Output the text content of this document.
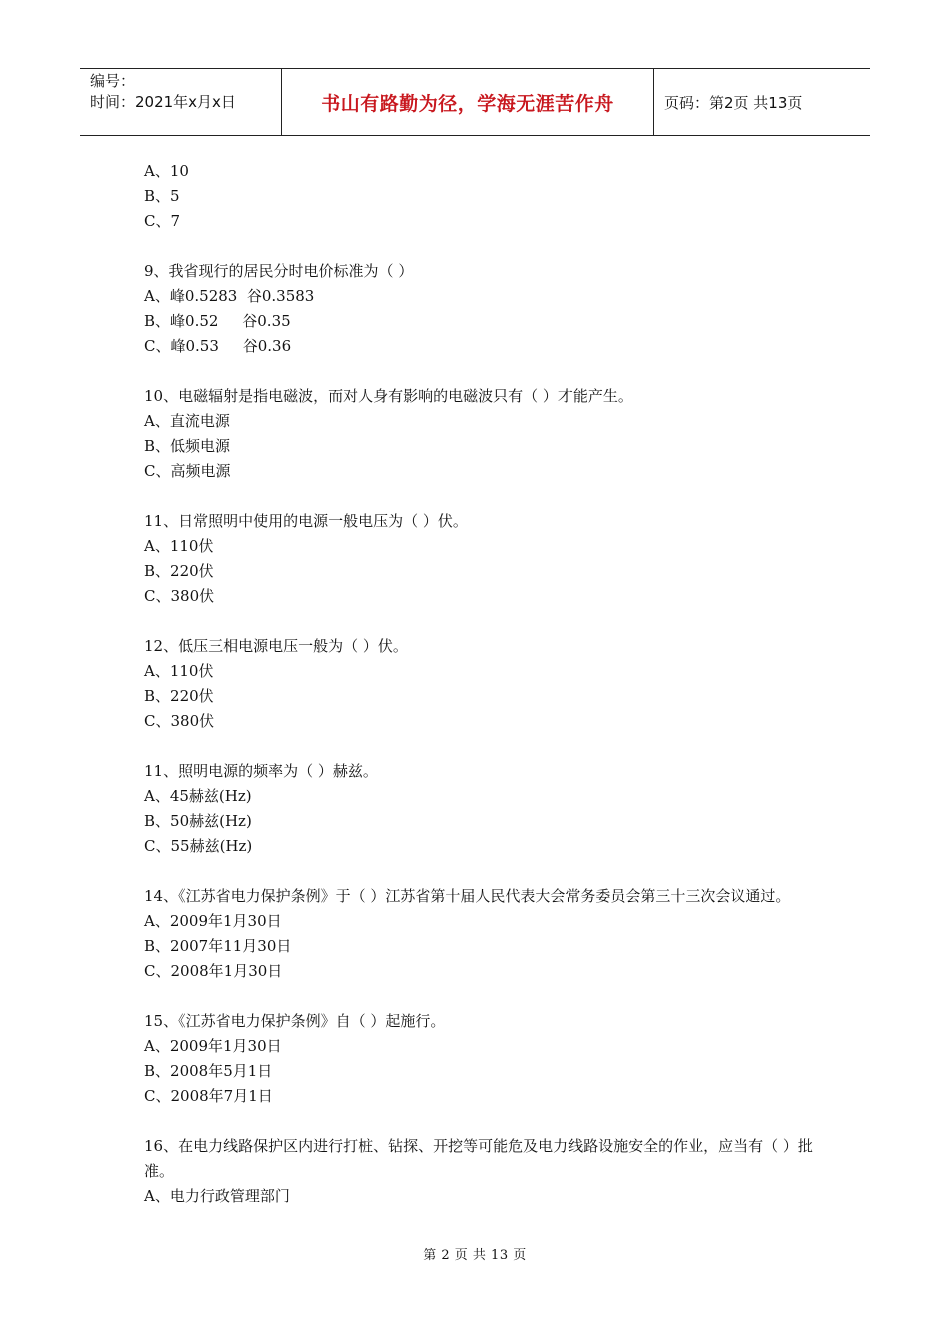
编号：
时间：2021年x月x日	书山有路勤为径，学海无涯苦作舟	页码：第2页 共13页
A、10
B、5
C、7
9、我省现行的居民分时电价标准为（ ）
A、峰0.5283  谷0.3583
B、峰0.52     谷0.35
C、峰0.53     谷0.36
10、电磁辐射是指电磁波，而对人身有影响的电磁波只有（ ）才能产生。
A、直流电源
B、低频电源
C、高频电源
11、日常照明中使用的电源一般电压为（ ）伏。
A、110伏
B、220伏
C、380伏
12、低压三相电源电压一般为（ ）伏。
A、110伏
B、220伏
C、380伏
11、照明电源的频率为（ ）赫兹。
A、45赫兹(Hz)
B、50赫兹(Hz)
C、55赫兹(Hz)
14、《江苏省电力保护条例》于（ ）江苏省第十届人民代表大会常务委员会第三十三次会议通过。
A、2009年1月30日
B、2007年11月30日
C、2008年1月30日
15、《江苏省电力保护条例》自（ ）起施行。
A、2009年1月30日
B、2008年5月1日
C、2008年7月1日
16、在电力线路保护区内进行打桩、钻探、开挖等可能危及电力线路设施安全的作业，应当有（ ）批准。
A、电力行政管理部门
第 2 页 共 13 页
